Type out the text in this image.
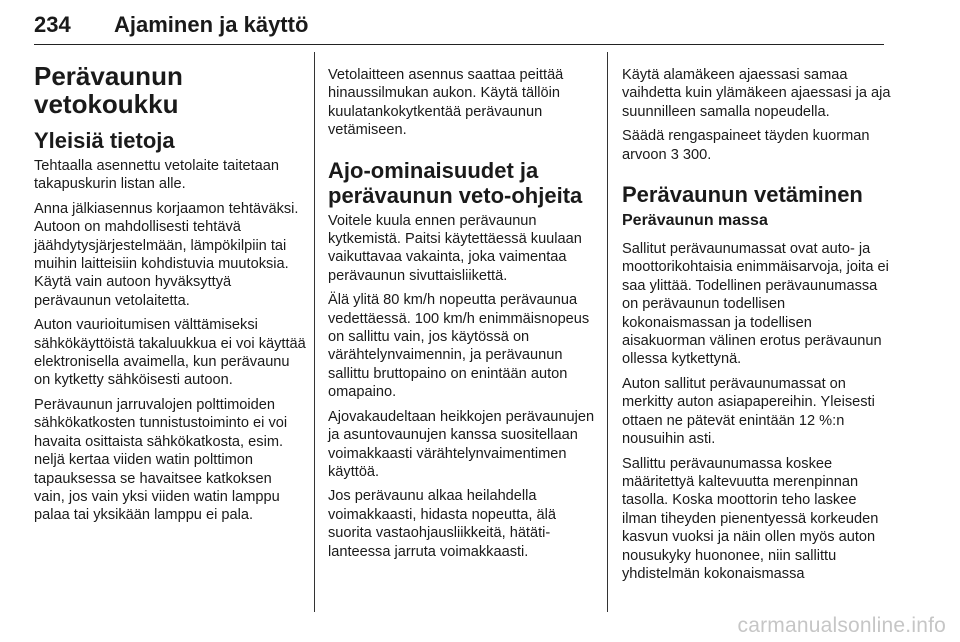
234	Ajaminen ja käyttö
Perävaunun
vetokoukku
Yleisiä tietoja

Tehtaalla asennettu vetolaite taitetaan takapuskurin listan alle.

Anna jälkiasennus korjaamon tehtäväksi. Autoon on mahdollisesti tehtävä jäähdytysjärjestelmään, lämpökilpiin tai muihin laitteisiin kohdistuvia muutoksia. Käytä vain autoon hyväksyttyä perävaunun vetolaitetta.

Auton vaurioitumisen välttämiseksi sähkökäyttöistä takaluukkua ei voi käyttää elektronisella avaimella, kun perävaunu on kytketty sähköisesti autoon.

Perävaunun jarruvalojen polttimoiden sähkökatkosten tunnistustoiminto ei voi havaita osittaista sähkökatkosta, esim. neljä kertaa viiden watin polttimon tapauksessa se havaitsee katkoksen vain, jos vain yksi viiden watin lamppu palaa tai yksikään lamppu ei pala.

Vetolaitteen asennus saattaa peittää hinaussilmukan aukon. Käytä tällöin kuulatankokytkentää perävaunun vetämiseen.

Ajo-ominaisuudet ja perävaunun veto-ohjeita

Voitele kuula ennen perävaunun kytkemistä. Paitsi käytettäessä kuulaan vaikuttavaa vakainta, joka vaimentaa perävaunun sivuttaisliikettä.

Älä ylitä 80 km/h nopeutta perävaunua vedettäessä. 100 km/h enimmäisnopeus on sallittu vain, jos käytössä on värähtelynvaimennin, ja perävaunun sallittu bruttopaino on enintään auton omapaino.

Ajovakaudeltaan heikkojen perävaunujen ja asuntovaunujen kanssa suositellaan voimakkaasti värähtelynvaimentimen käyttöä.

Jos perävaunu alkaa heilahdella voimakkaasti, hidasta nopeutta, älä suorita vastaohjausliikkeitä, hätätilanteessa jarruta voimakkaasti.

Käytä alamäkeen ajaessasi samaa vaihdetta kuin ylämäkeen ajaessasi ja aja suunnilleen samalla nopeudella.

Säädä rengaspaineet täyden kuorman arvoon 3 300.

Perävaunun vetäminen
Perävaunun massa

Sallitut perävaunumassat ovat auto- ja moottorikohtaisia enimmäisarvoja, joita ei saa ylittää. Todellinen perävaunumassa on perävaunun todellisen kokonaismassan ja todellisen aisakuorman välinen erotus perävaunun ollessa kytkettynä.

Auton sallitut perävaunumassat on merkitty auton asiapapereihin. Yleisesti ottaen ne pätevät enintään 12 %:n nousuihin asti.

Sallittu perävaunumassa koskee määritettyä kaltevuutta merenpinnan tasolla. Koska moottorin teho laskee ilman tiheyden pienentyessä korkeuden kasvun vuoksi ja näin ollen myös auton nousukyky huononee, niin sallittu yhdistelmän kokonaismassa

carmanualsonline.info
